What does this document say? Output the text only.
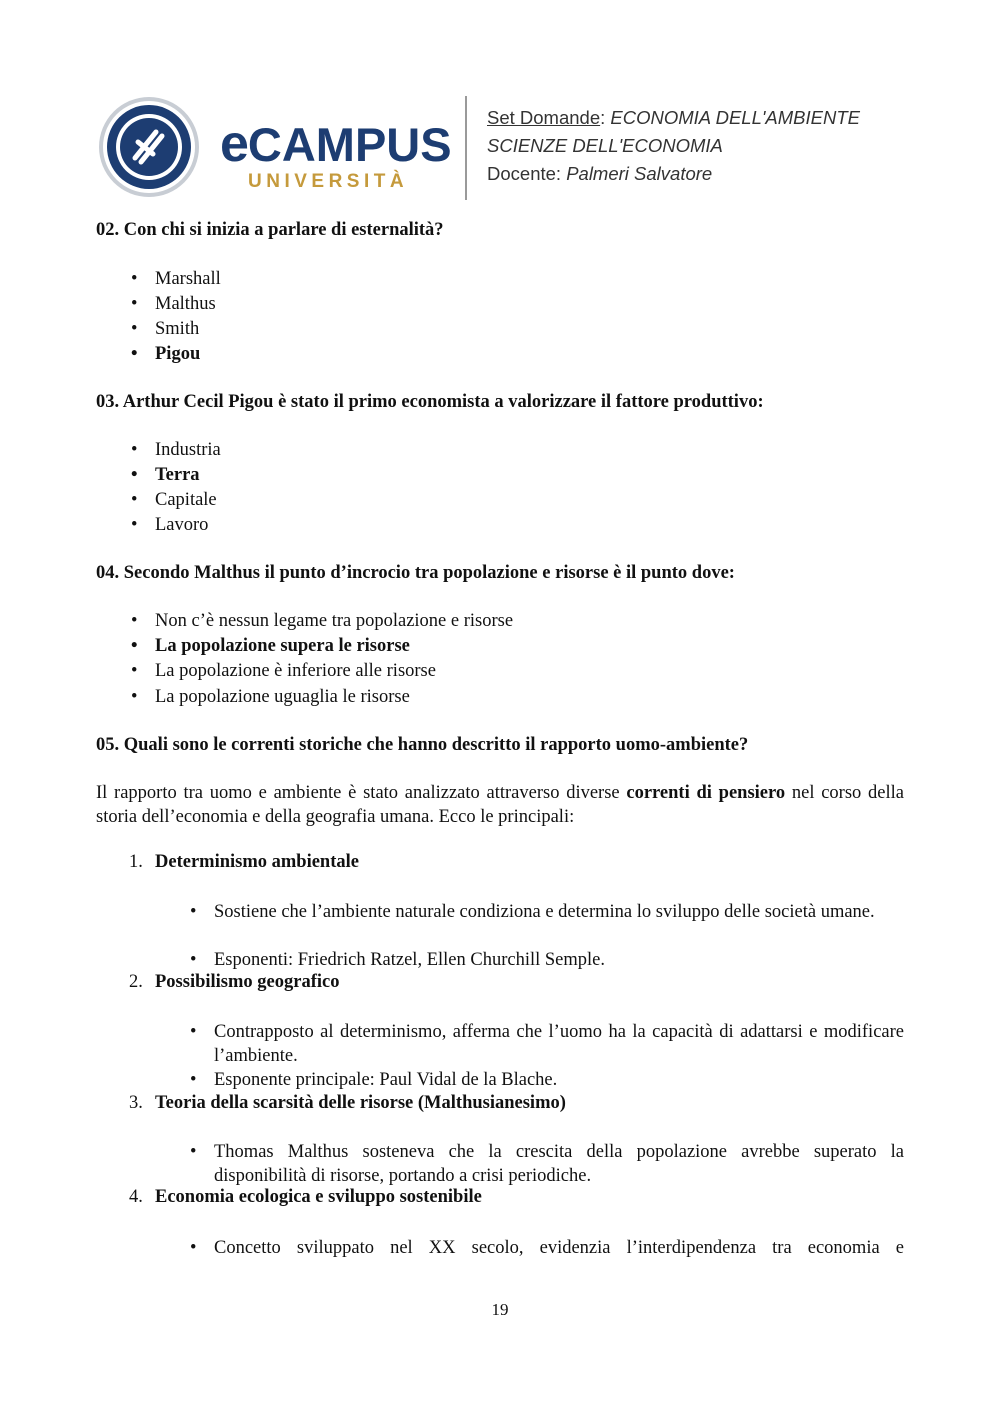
eCAMPUS
UNIVERSITÀ
Set Domande: ECONOMIA DELL'AMBIENTE
SCIENZE DELL'ECONOMIA
Docente: Palmeri Salvatore
02. Con chi si inizia a parlare di esternalità?
• Marshall
• Malthus
• Smith
• Pigou
03. Arthur Cecil Pigou è stato il primo economista a valorizzare il fattore produttivo:
• Industria
• Terra
• Capitale
• Lavoro
04. Secondo Malthus il punto d’incrocio tra popolazione e risorse è il punto dove:
• Non c’è nessun legame tra popolazione e risorse
• La popolazione supera le risorse
• La popolazione è inferiore alle risorse
• La popolazione uguaglia le risorse
05. Quali sono le correnti storiche che hanno descritto il rapporto uomo-ambiente?
Il rapporto tra uomo e ambiente è stato analizzato attraverso diverse correnti di pensiero nel corso della storia dell’economia e della geografia umana. Ecco le principali:
1. Determinismo ambientale
• Sostiene che l’ambiente naturale condiziona e determina lo sviluppo delle società umane.
• Esponenti: Friedrich Ratzel, Ellen Churchill Semple.
2. Possibilismo geografico
• Contrapposto al determinismo, afferma che l’uomo ha la capacità di adattarsi e modificare l’ambiente.
• Esponente principale: Paul Vidal de la Blache.
3. Teoria della scarsità delle risorse (Malthusianesimo)
• Thomas Malthus sosteneva che la crescita della popolazione avrebbe superato la disponibilità di risorse, portando a crisi periodiche.
4. Economia ecologica e sviluppo sostenibile
• Concetto sviluppato nel XX secolo, evidenzia l’interdipendenza tra economia e
19
